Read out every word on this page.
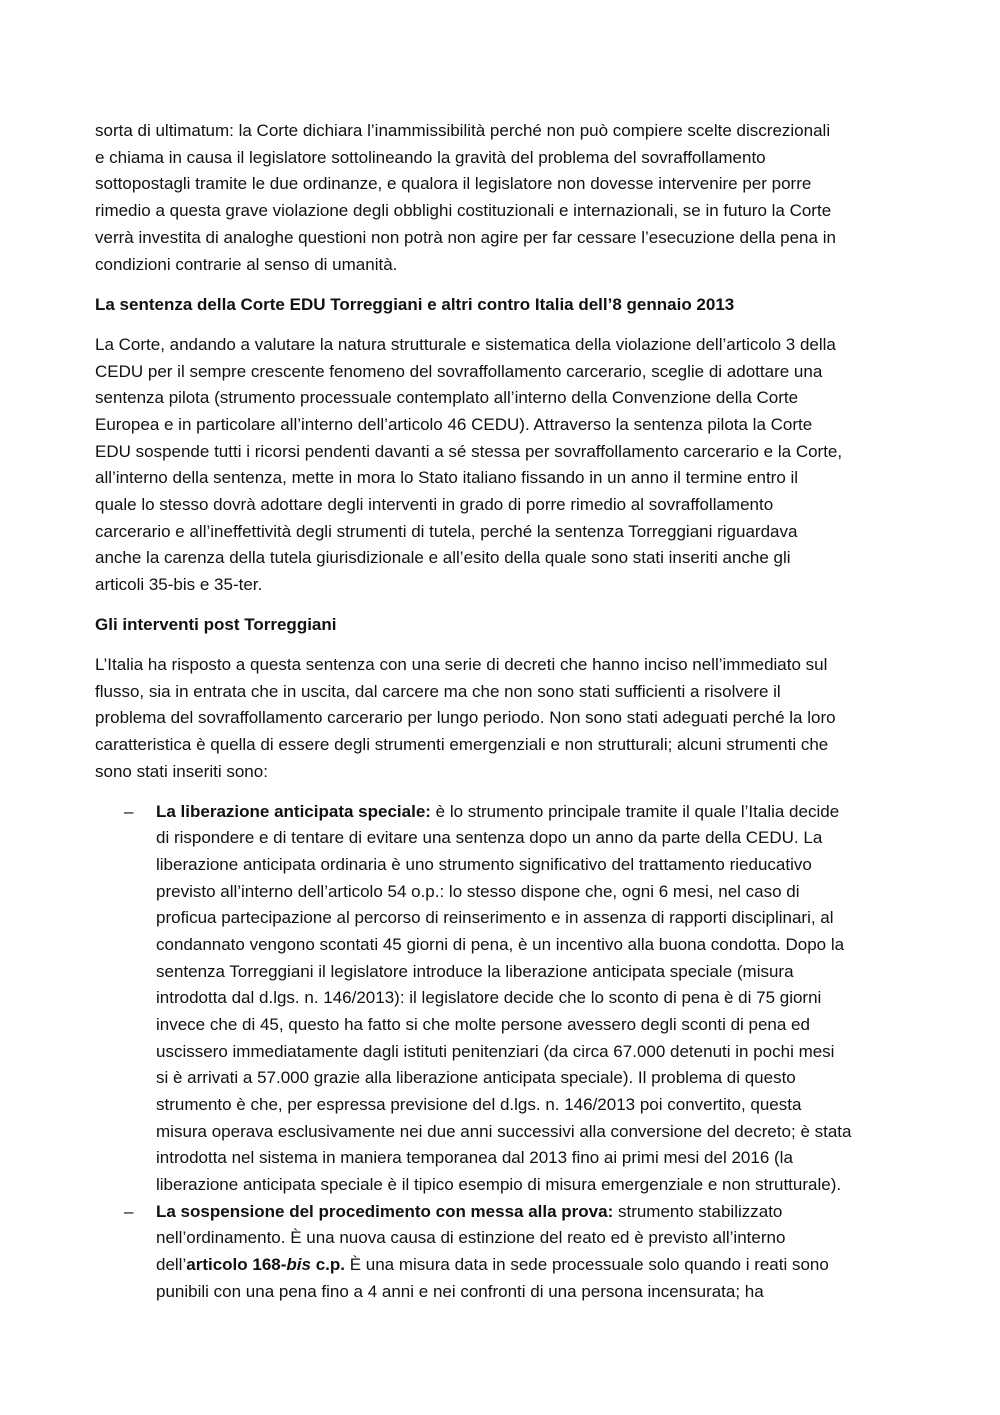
sorta di ultimatum: la Corte dichiara l’inammissibilità perché non può compiere scelte discrezionali
e chiama in causa il legislatore sottolineando la gravità del problema del sovraffollamento
sottopostagli tramite le due ordinanze, e qualora il legislatore non dovesse intervenire per porre
rimedio a questa grave violazione degli obblighi costituzionali e internazionali, se in futuro la Corte
verrà investita di analoghe questioni non potrà non agire per far cessare l’esecuzione della pena in
condizioni contrarie al senso di umanità.
La sentenza della Corte EDU Torreggiani e altri contro Italia dell’8 gennaio 2013
La Corte, andando a valutare la natura strutturale e sistematica della violazione dell’articolo 3 della
CEDU per il sempre crescente fenomeno del sovraffollamento carcerario, sceglie di adottare una
sentenza pilota (strumento processuale contemplato all’interno della Convenzione della Corte
Europea e in particolare all’interno dell’articolo 46 CEDU). Attraverso la sentenza pilota la Corte
EDU sospende tutti i ricorsi pendenti davanti a sé stessa per sovraffollamento carcerario e la Corte,
all’interno della sentenza, mette in mora lo Stato italiano fissando in un anno il termine entro il
quale lo stesso dovrà adottare degli interventi in grado di porre rimedio al sovraffollamento
carcerario e all’ineffettività degli strumenti di tutela, perché la sentenza Torreggiani riguardava
anche la carenza della tutela giurisdizionale e all’esito della quale sono stati inseriti anche gli
articoli 35-bis e 35-ter.
Gli interventi post Torreggiani
L’Italia ha risposto a questa sentenza con una serie di decreti che hanno inciso nell’immediato sul
flusso, sia in entrata che in uscita, dal carcere ma che non sono stati sufficienti a risolvere il
problema del sovraffollamento carcerario per lungo periodo. Non sono stati adeguati perché la loro
caratteristica è quella di essere degli strumenti emergenziali e non strutturali; alcuni strumenti che
sono stati inseriti sono:
– La liberazione anticipata speciale: è lo strumento principale tramite il quale l’Italia decide
di rispondere e di tentare di evitare una sentenza dopo un anno da parte della CEDU. La
liberazione anticipata ordinaria è uno strumento significativo del trattamento rieducativo
previsto all’interno dell’articolo 54 o.p.: lo stesso dispone che, ogni 6 mesi, nel caso di
proficua partecipazione al percorso di reinserimento e in assenza di rapporti disciplinari, al
condannato vengono scontati 45 giorni di pena, è un incentivo alla buona condotta. Dopo la
sentenza Torreggiani il legislatore introduce la liberazione anticipata speciale (misura
introdotta dal d.lgs. n. 146/2013): il legislatore decide che lo sconto di pena è di 75 giorni
invece che di 45, questo ha fatto si che molte persone avessero degli sconti di pena ed
uscissero immediatamente dagli istituti penitenziari (da circa 67.000 detenuti in pochi mesi
si è arrivati a 57.000 grazie alla liberazione anticipata speciale). Il problema di questo
strumento è che, per espressa previsione del d.lgs. n. 146/2013 poi convertito, questa
misura operava esclusivamente nei due anni successivi alla conversione del decreto; è stata
introdotta nel sistema in maniera temporanea dal 2013 fino ai primi mesi del 2016 (la
liberazione anticipata speciale è il tipico esempio di misura emergenziale e non strutturale).
– La sospensione del procedimento con messa alla prova: strumento stabilizzato
nell’ordinamento. È una nuova causa di estinzione del reato ed è previsto all’interno
dell’articolo 168-bis c.p. È una misura data in sede processuale solo quando i reati sono
punibili con una pena fino a 4 anni e nei confronti di una persona incensurata; ha
